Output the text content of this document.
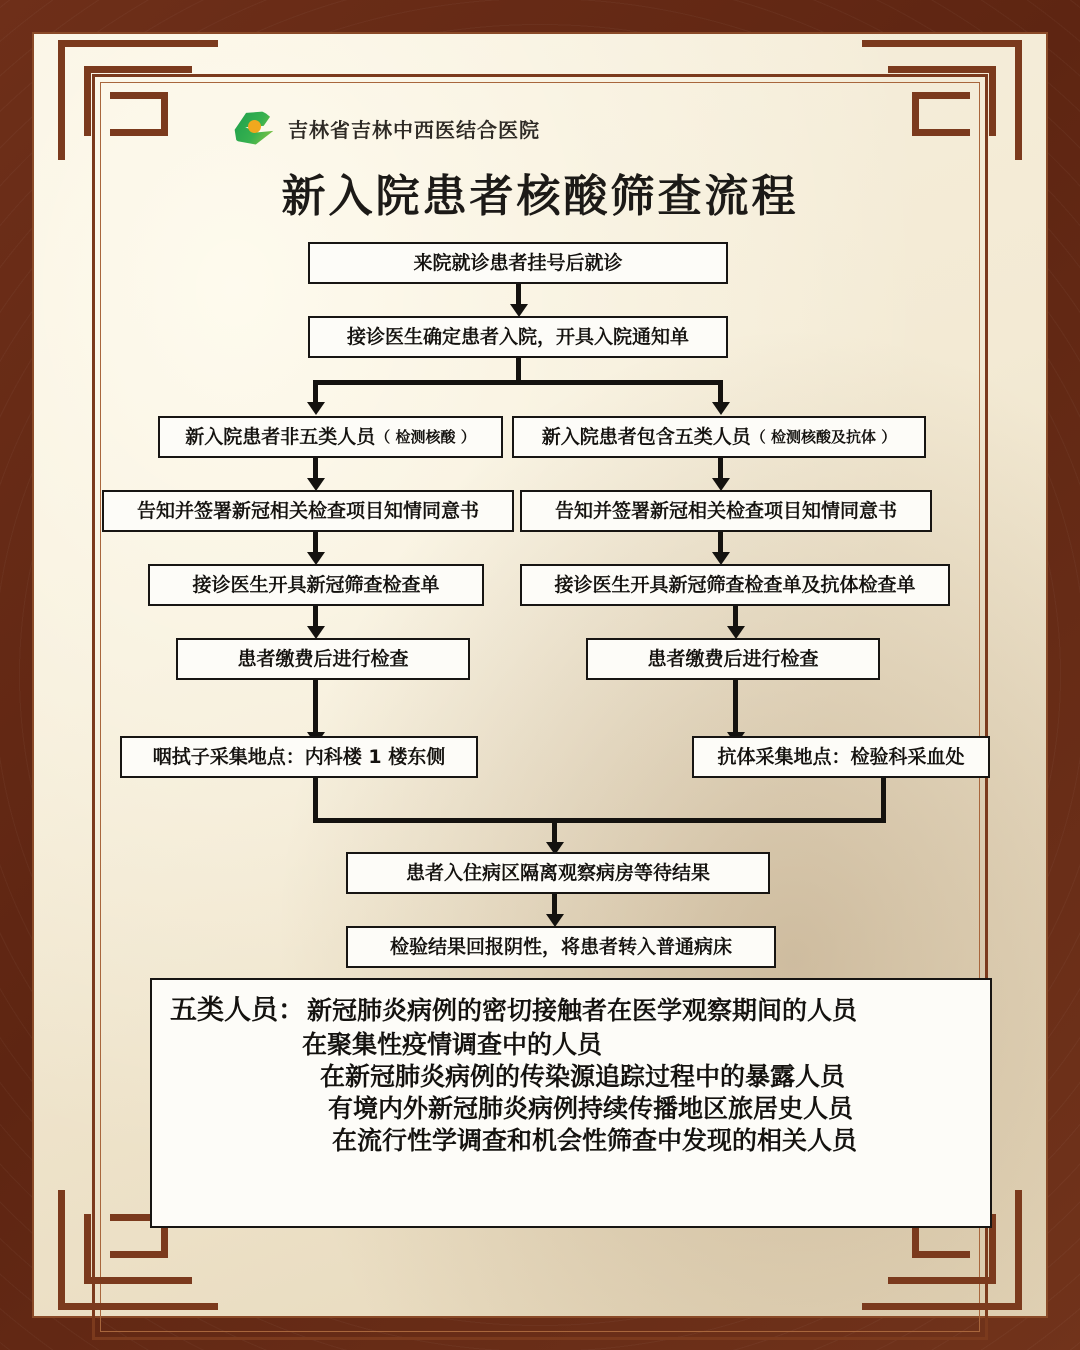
吉林省吉林中西医结合医院
新入院患者核酸筛查流程
来院就诊患者挂号后就诊
接诊医生确定患者入院，开具入院通知单
新入院患者非五类人员 （ 检测核酸 ）	新入院患者包含五类人员 （ 检测核酸及抗体 ）
告知并签署新冠相关检查项目知情同意书	告知并签署新冠相关检查项目知情同意书
接诊医生开具新冠筛查检查单	接诊医生开具新冠筛查检查单及抗体检查单
患者缴费后进行检查	患者缴费后进行检查
咽拭子采集地点：内科楼 1 楼东侧	抗体采集地点：检验科采血处
患者入住病区隔离观察病房等待结果
检验结果回报阴性，将患者转入普通病床
五类人员： 新冠肺炎病例的密切接触者在医学观察期间的人员
在聚集性疫情调查中的人员
在新冠肺炎病例的传染源追踪过程中的暴露人员
有境内外新冠肺炎病例持续传播地区旅居史人员
在流行性学调查和机会性筛查中发现的相关人员
